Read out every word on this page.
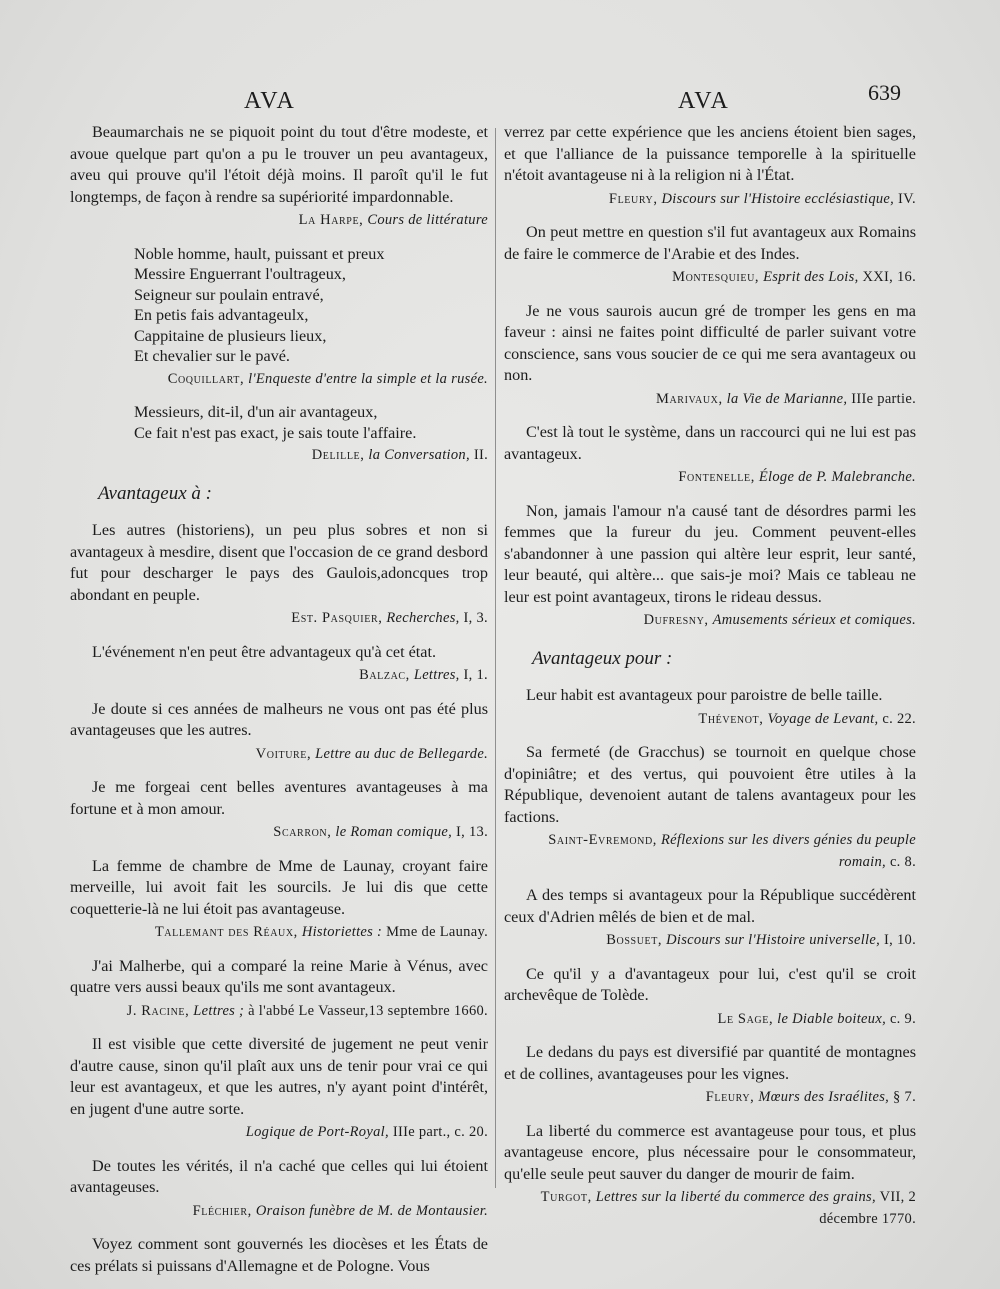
AVA	AVA	639

Beaumarchais ne se piquoit point du tout d'être modeste, et avoue quelque part qu'on a pu le trouver un peu avantageux, aveu qui prouve qu'il l'étoit déjà moins. Il paroît qu'il le fut longtemps, de façon à rendre sa supériorité impardonnable.

La Harpe, Cours de littérature
Noble homme, hault, puissant et preux
Messire Enguerrant l'oultrageux,
Seigneur sur poulain entravé,
En petis fais advantageulx,
Cappitaine de plusieurs lieux,
Et chevalier sur le pavé.
Coquillart, l'Enqueste d'entre la simple et la rusée.
Messieurs, dit-il, d'un air avantageux,
Ce fait n'est pas exact, je sais toute l'affaire.
Delille, la Conversation, II.
Avantageux à :

Les autres (historiens), un peu plus sobres et non si avantageux à mesdire, disent que l'occasion de ce grand desbord fut pour descharger le pays des Gaulois,adoncques trop abondant en peuple.

Est. Pasquier, Recherches, I, 3.

L'événement n'en peut être advantageux qu'à cet état.

Balzac, Lettres, I, 1.

Je doute si ces années de malheurs ne vous ont pas été plus avantageuses que les autres.

Voiture, Lettre au duc de Bellegarde.

Je me forgeai cent belles aventures avantageuses à ma fortune et à mon amour.

Scarron, le Roman comique, I, 13.

La femme de chambre de Mme de Launay, croyant faire merveille, lui avoit fait les sourcils. Je lui dis que cette coquetterie-là ne lui étoit pas avantageuse.

Tallemant des Réaux, Historiettes : Mme de Launay.

J'ai Malherbe, qui a comparé la reine Marie à Vénus, avec quatre vers aussi beaux qu'ils me sont avantageux.

J. Racine, Lettres ; à l'abbé Le Vasseur,13 septembre 1660.

Il est visible que cette diversité de jugement ne peut venir d'autre cause, sinon qu'il plaît aux uns de tenir pour vrai ce qui leur est avantageux, et que les autres, n'y ayant point d'intérêt, en jugent d'une autre sorte.

Logique de Port-Royal, IIIe part., c. 20.

De toutes les vérités, il n'a caché que celles qui lui étoient avantageuses.

Fléchier, Oraison funèbre de M. de Montausier.

Voyez comment sont gouvernés les diocèses et les États de ces prélats si puissans d'Allemagne et de Pologne. Vous

verrez par cette expérience que les anciens étoient bien sages, et que l'alliance de la puissance temporelle à la spirituelle n'étoit avantageuse ni à la religion ni à l'État.

Fleury, Discours sur l'Histoire ecclésiastique, IV.

On peut mettre en question s'il fut avantageux aux Romains de faire le commerce de l'Arabie et des Indes.

Montesquieu, Esprit des Lois, XXI, 16.

Je ne vous saurois aucun gré de tromper les gens en ma faveur : ainsi ne faites point difficulté de parler suivant votre conscience, sans vous soucier de ce qui me sera avantageux ou non.

Marivaux, la Vie de Marianne, IIIe partie.

C'est là tout le système, dans un raccourci qui ne lui est pas avantageux.

Fontenelle, Éloge de P. Malebranche.

Non, jamais l'amour n'a causé tant de désordres parmi les femmes que la fureur du jeu. Comment peuvent-elles s'abandonner à une passion qui altère leur esprit, leur santé, leur beauté, qui altère... que sais-je moi? Mais ce tableau ne leur est point avantageux, tirons le rideau dessus.

Dufresny, Amusements sérieux et comiques.
Avantageux pour :

Leur habit est avantageux pour paroistre de belle taille.

Thévenot, Voyage de Levant, c. 22.

Sa fermeté (de Gracchus) se tournoit en quelque chose d'opiniâtre; et des vertus, qui pouvoient être utiles à la République, devenoient autant de talens avantageux pour les factions.

Saint-Evremond, Réflexions sur les divers génies du peuple romain, c. 8.

A des temps si avantageux pour la République succédèrent ceux d'Adrien mêlés de bien et de mal.

Bossuet, Discours sur l'Histoire universelle, I, 10.

Ce qu'il y a d'avantageux pour lui, c'est qu'il se croit archevêque de Tolède.

Le Sage, le Diable boiteux, c. 9.

Le dedans du pays est diversifié par quantité de montagnes et de collines, avantageuses pour les vignes.

Fleury, Mœurs des Israélites, § 7.

La liberté du commerce est avantageuse pour tous, et plus avantageuse encore, plus nécessaire pour le consommateur, qu'elle seule peut sauver du danger de mourir de faim.

Turgot, Lettres sur la liberté du commerce des grains, VII, 2 décembre 1770.
